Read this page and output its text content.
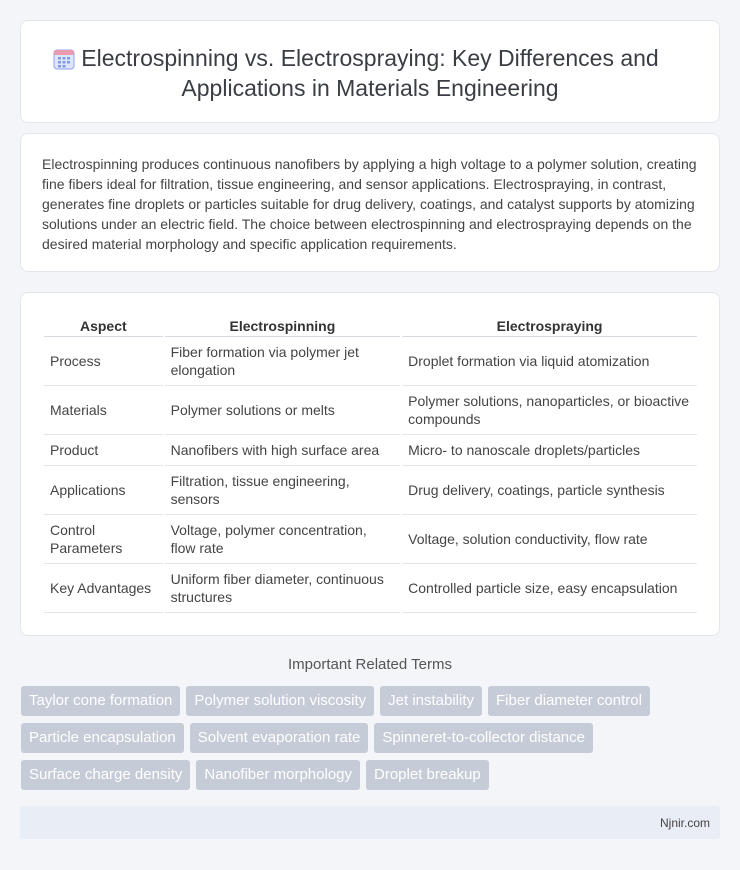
Electrospinning vs. Electrospraying: Key Differences and
Applications in Materials Engineering

Electrospinning produces continuous nanofibers by applying a high voltage to a polymer solution, creating fine fibers ideal for filtration, tissue engineering, and sensor applications. Electrospraying, in contrast, generates fine droplets or particles suitable for drug delivery, coatings, and catalyst supports by atomizing solutions under an electric field. The choice between electrospinning and electrospraying depends on the desired material morphology and specific application requirements.

Aspect	Electrospinning	Electrospraying
Process	Fiber formation via polymer jet elongation	Droplet formation via liquid atomization
Materials	Polymer solutions or melts	Polymer solutions, nanoparticles, or bioactive compounds
Product	Nanofibers with high surface area	Micro- to nanoscale droplets/particles
Applications	Filtration, tissue engineering, sensors	Drug delivery, coatings, particle synthesis
Control Parameters	Voltage, polymer concentration, flow rate	Voltage, solution conductivity, flow rate
Key Advantages	Uniform fiber diameter, continuous structures	Controlled particle size, easy encapsulation
Important Related Terms
Taylor cone formation	Polymer solution viscosity	Jet instability	Fiber diameter control
Particle encapsulation	Solvent evaporation rate	Spinneret-to-collector distance
Surface charge density	Nanofiber morphology	Droplet breakup
Njnir.com
